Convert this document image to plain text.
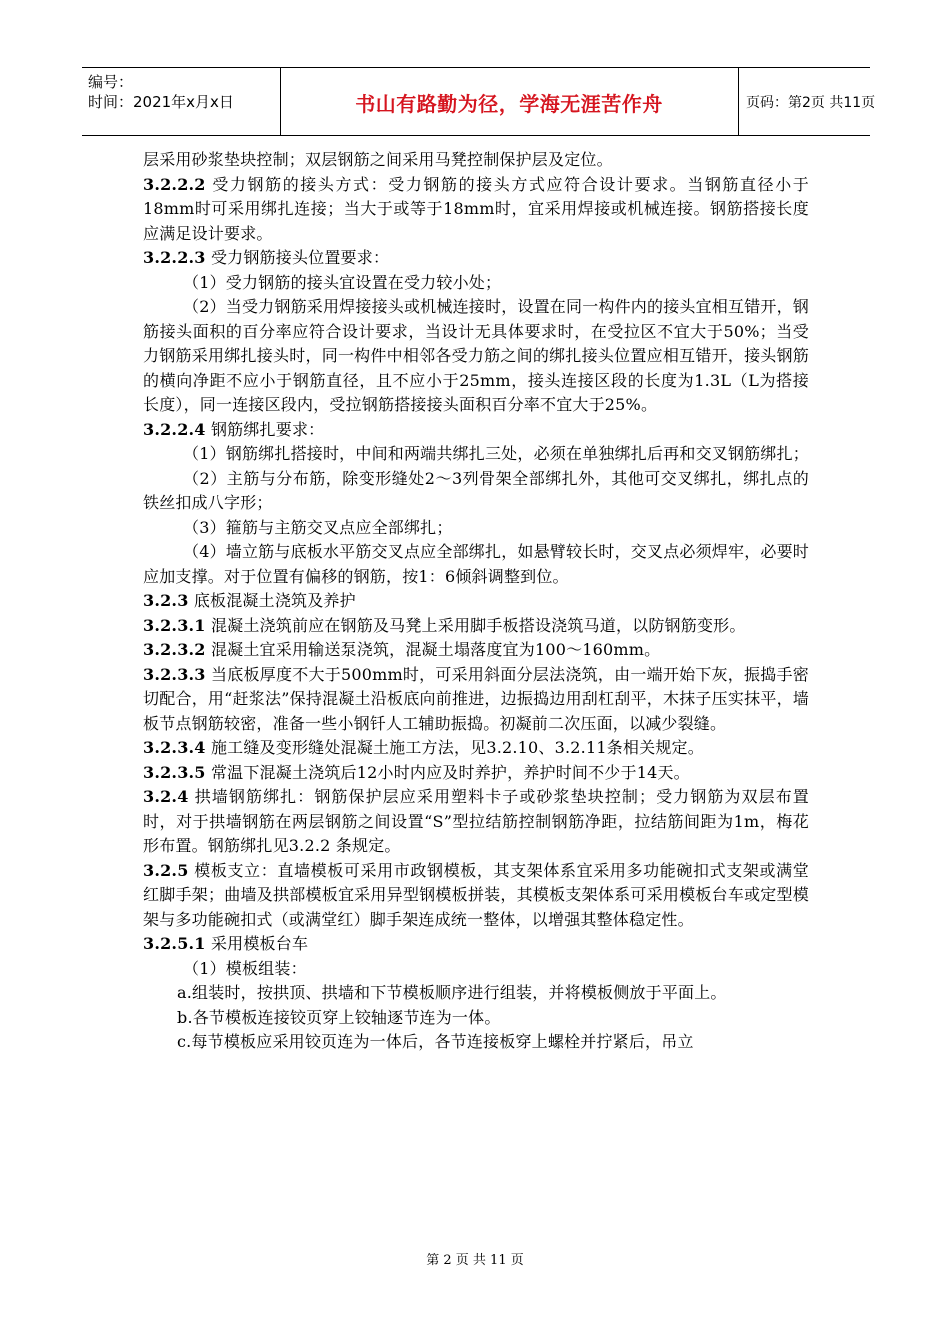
编号：
时间：2021年x月x日	书山有路勤为径，学海无涯苦作舟	页码：第2页 共11页

层采用砂浆垫块控制；双层钢筋之间采用马凳控制保护层及定位。

3.2.2.2 受力钢筋的接头方式：受力钢筋的接头方式应符合设计要求。当钢筋直径小于18mm时可采用绑扎连接；当大于或等于18mm时，宜采用焊接或机械连接。钢筋搭接长度应满足设计要求。

3.2.2.3 受力钢筋接头位置要求：

（1）受力钢筋的接头宜设置在受力较小处；

（2）当受力钢筋采用焊接接头或机械连接时，设置在同一构件内的接头宜相互错开，钢筋接头面积的百分率应符合设计要求，当设计无具体要求时，在受拉区不宜大于50%；当受力钢筋采用绑扎接头时，同一构件中相邻各受力筋之间的绑扎接头位置应相互错开，接头钢筋的横向净距不应小于钢筋直径，且不应小于25mm，接头连接区段的长度为1.3L（L为搭接长度），同一连接区段内，受拉钢筋搭接接头面积百分率不宜大于25%。

3.2.2.4 钢筋绑扎要求：

（1）钢筋绑扎搭接时，中间和两端共绑扎三处，必须在单独绑扎后再和交叉钢筋绑扎；

（2）主筋与分布筋，除变形缝处2～3列骨架全部绑扎外，其他可交叉绑扎，绑扎点的铁丝扣成八字形；

（3）箍筋与主筋交叉点应全部绑扎；

（4）墙立筋与底板水平筋交叉点应全部绑扎，如悬臂较长时，交叉点必须焊牢，必要时应加支撑。对于位置有偏移的钢筋，按1：6倾斜调整到位。

3.2.3 底板混凝土浇筑及养护

3.2.3.1 混凝土浇筑前应在钢筋及马凳上采用脚手板搭设浇筑马道，以防钢筋变形。

3.2.3.2 混凝土宜采用输送泵浇筑，混凝土塌落度宜为100～160mm。

3.2.3.3 当底板厚度不大于500mm时，可采用斜面分层法浇筑，由一端开始下灰，振捣手密切配合，用“赶浆法”保持混凝土沿板底向前推进，边振捣边用刮杠刮平，木抹子压实抹平，墙板节点钢筋较密，准备一些小钢钎人工辅助振捣。初凝前二次压面，以减少裂缝。

3.2.3.4 施工缝及变形缝处混凝土施工方法，见3.2.10、3.2.11条相关规定。

3.2.3.5 常温下混凝土浇筑后12小时内应及时养护，养护时间不少于14天。

3.2.4 拱墙钢筋绑扎：钢筋保护层应采用塑料卡子或砂浆垫块控制；受力钢筋为双层布置时，对于拱墙钢筋在两层钢筋之间设置“S”型拉结筋控制钢筋净距，拉结筋间距为1m，梅花形布置。钢筋绑扎见3.2.2 条规定。

3.2.5 模板支立：直墙模板可采用市政钢模板，其支架体系宜采用多功能碗扣式支架或满堂红脚手架；曲墙及拱部模板宜采用异型钢模板拼装，其模板支架体系可采用模板台车或定型模架与多功能碗扣式（或满堂红）脚手架连成统一整体，以增强其整体稳定性。

3.2.5.1 采用模板台车

（1）模板组装：

a.组装时，按拱顶、拱墙和下节模板顺序进行组装，并将模板侧放于平面上。

b.各节模板连接铰页穿上铰轴逐节连为一体。

c.每节模板应采用铰页连为一体后，各节连接板穿上螺栓并拧紧后，吊立

第 2 页 共 11 页
